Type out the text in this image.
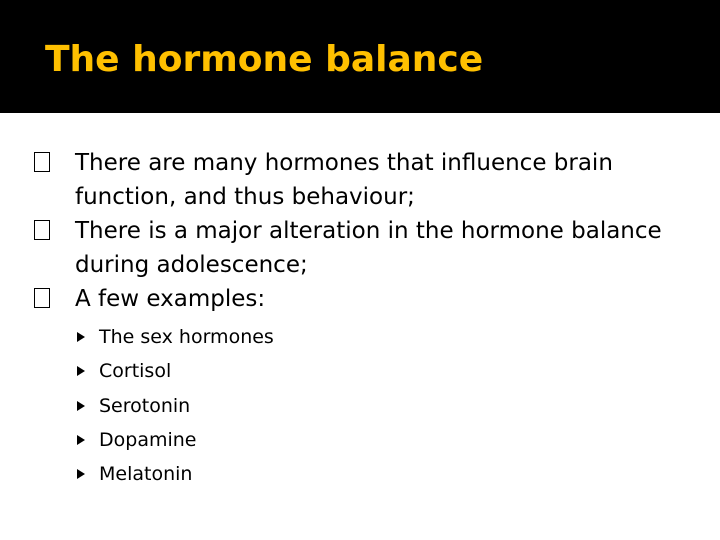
The hormone balance
There are many hormones that influence brain function, and thus behaviour;
There is a major alteration in the hormone balance during adolescence;
A few examples:
The sex hormones
Cortisol
Serotonin
Dopamine
Melatonin
